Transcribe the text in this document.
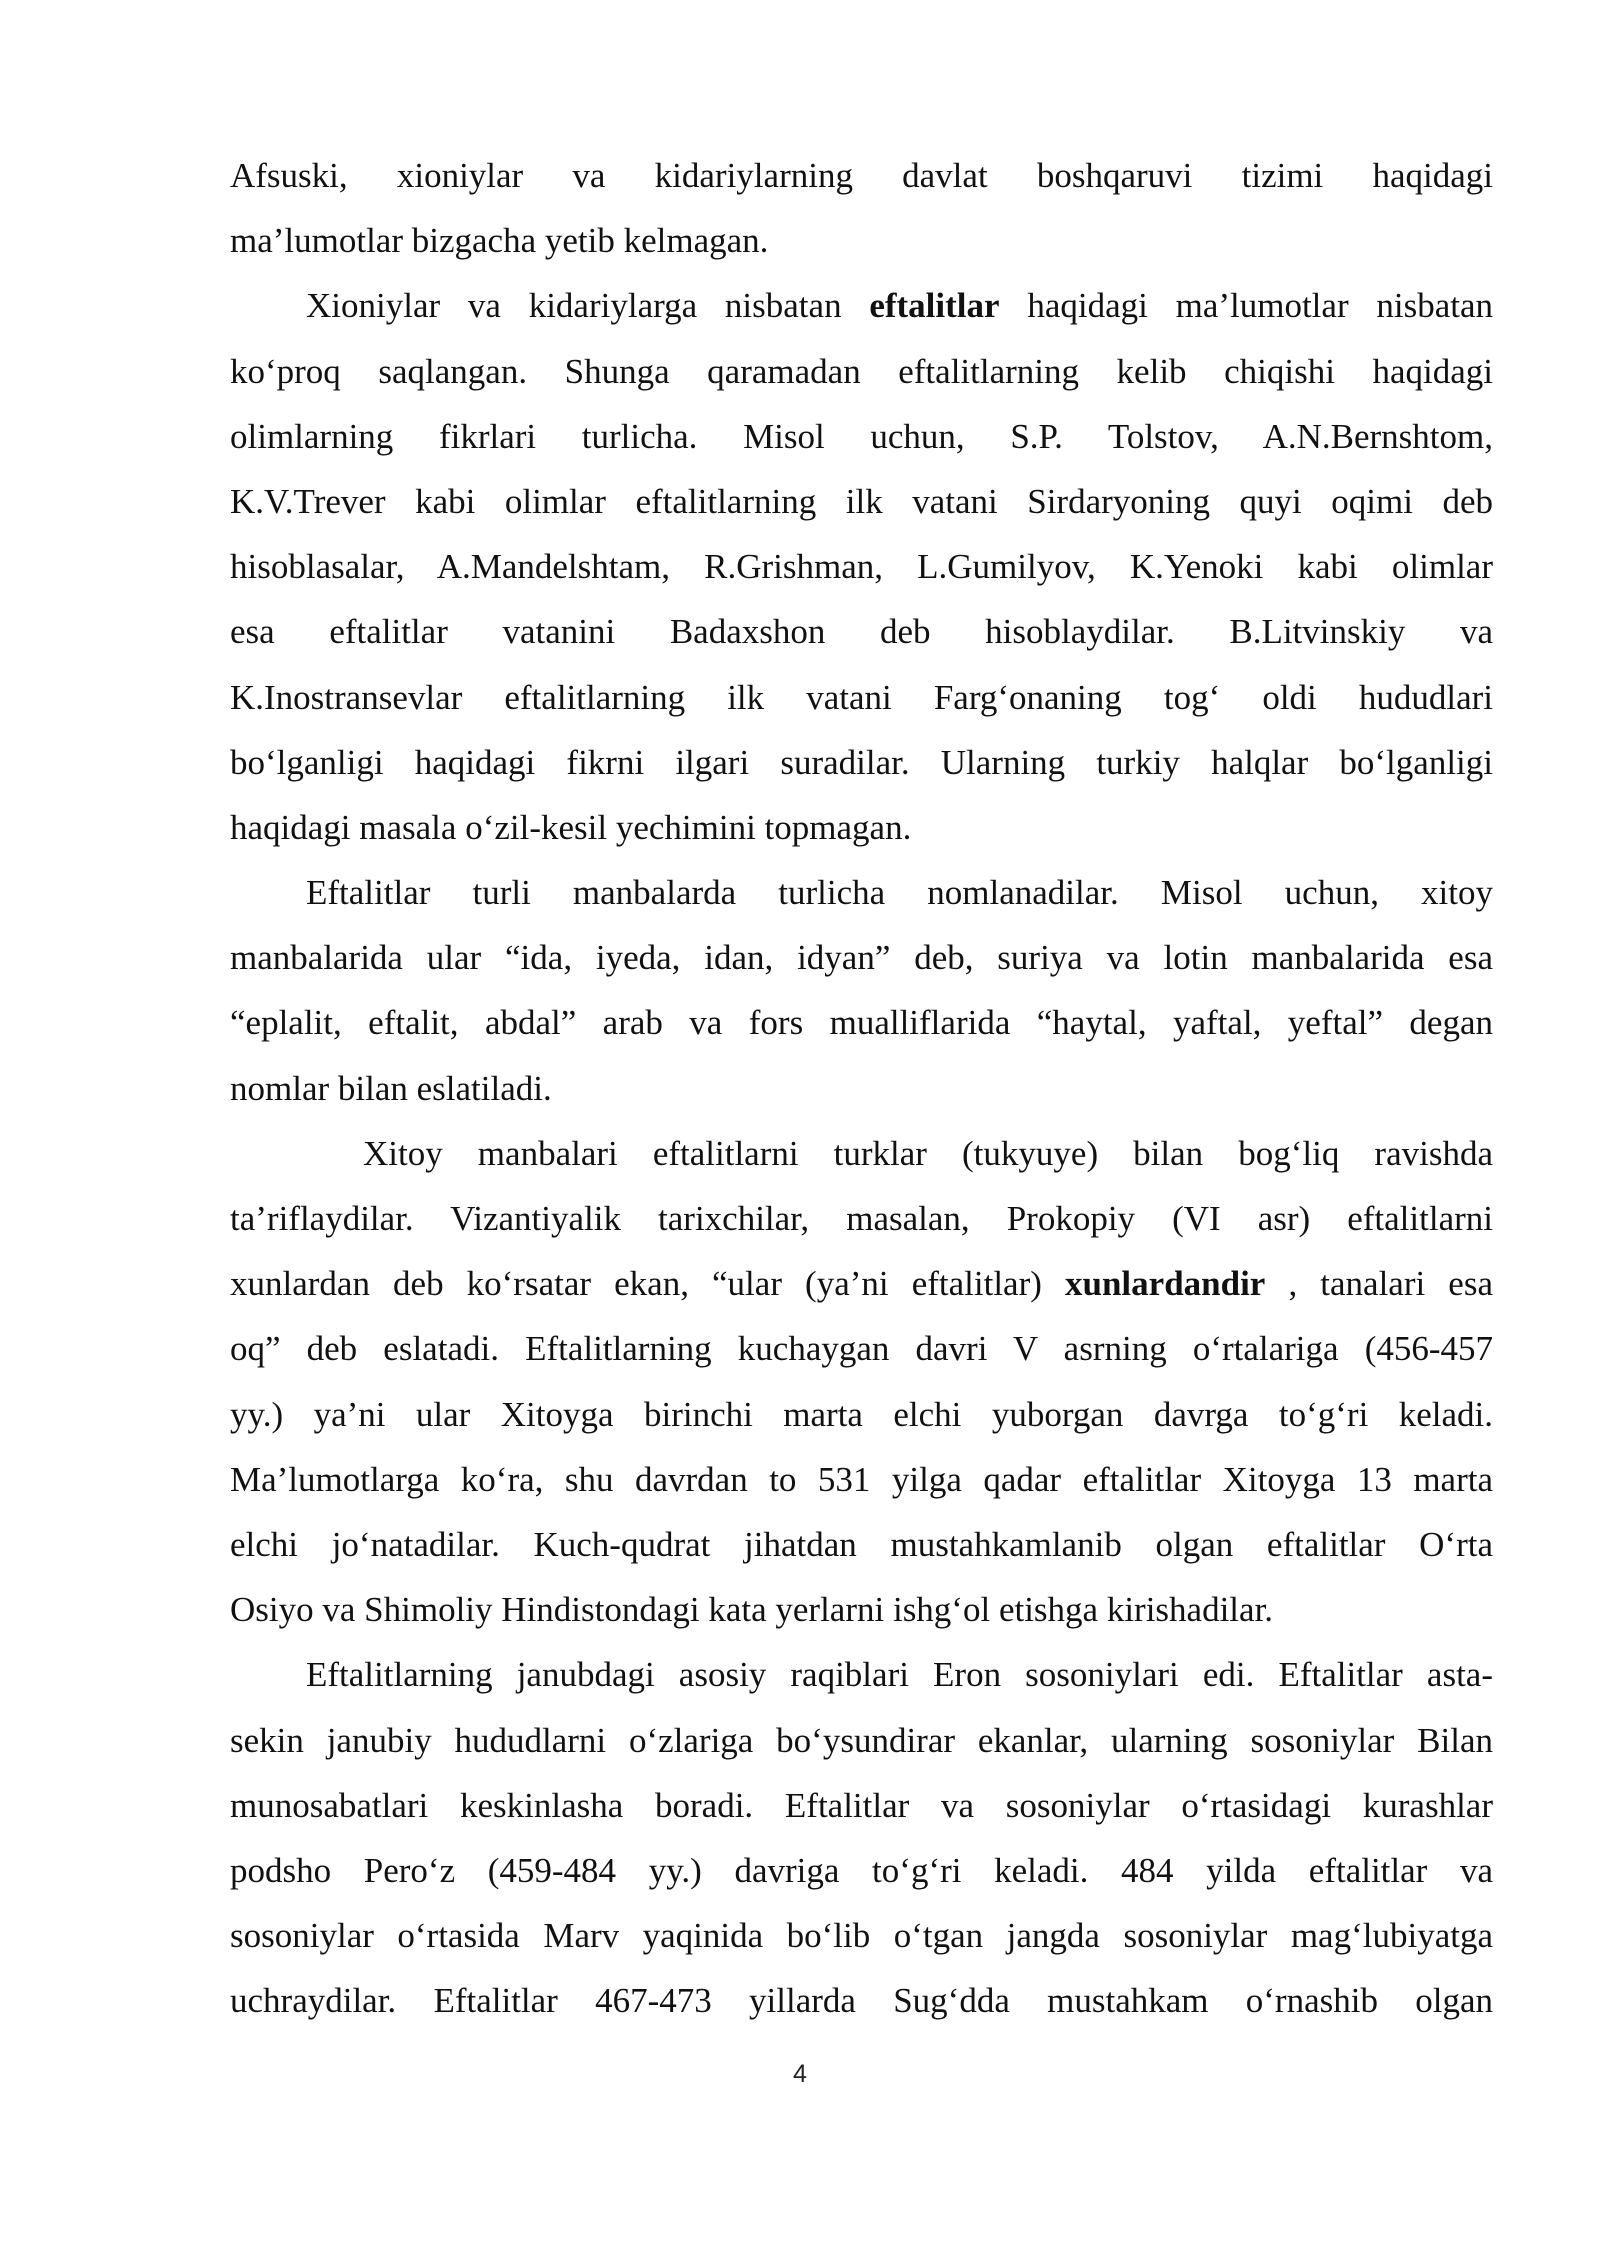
Afsuski, xioniylar va kidariylarning davlat boshqaruvi tizimi haqidagi
ma’lumotlar bizgacha yetib kelmagan.
Xioniylar va kidariylarga nisbatan eftalitlar haqidagi ma’lumotlar nisbatan
ko‘proq saqlangan. Shunga qaramadan eftalitlarning kelib chiqishi haqidagi
olimlarning fikrlari turlicha. Misol uchun, S.P. Tolstov, A.N.Bernshtom,
K.V.Trever kabi olimlar eftalitlarning ilk vatani Sirdaryoning quyi oqimi deb
hisoblasalar, A.Mandelshtam, R.Grishman, L.Gumilyov, K.Yenoki kabi olimlar
esa eftalitlar vatanini Badaxshon deb hisoblaydilar. B.Litvinskiy va
K.Inostransevlar eftalitlarning ilk vatani Farg‘onaning tog‘ oldi hududlari
bo‘lganligi haqidagi fikrni ilgari suradilar. Ularning turkiy halqlar bo‘lganligi
haqidagi masala o‘zil-kesil yechimini topmagan.
Eftalitlar turli manbalarda turlicha nomlanadilar. Misol uchun, xitoy
manbalarida ular “ida, iyeda, idan, idyan” deb, suriya va lotin manbalarida esa
“eplalit, eftalit, abdal” arab va fors mualliflarida “haytal, yaftal, yeftal” degan
nomlar bilan eslatiladi.
Xitoy manbalari eftalitlarni turklar (tukyuye) bilan bog‘liq ravishda
ta’riflaydilar. Vizantiyalik tarixchilar, masalan, Prokopiy (VI asr) eftalitlarni
xunlardan deb ko‘rsatar ekan, “ular (ya’ni eftalitlar) xunlardandir , tanalari esa
oq” deb eslatadi. Eftalitlarning kuchaygan davri V asrning o‘rtalariga (456-457
yy.) ya’ni ular Xitoyga birinchi marta elchi yuborgan davrga to‘g‘ri keladi.
Ma’lumotlarga ko‘ra, shu davrdan to 531 yilga qadar eftalitlar Xitoyga 13 marta
elchi jo‘natadilar. Kuch-qudrat jihatdan mustahkamlanib olgan eftalitlar O‘rta
Osiyo va Shimoliy Hindistondagi kata yerlarni ishg‘ol etishga kirishadilar.
Eftalitlarning janubdagi asosiy raqiblari Eron sosoniylari edi. Eftalitlar asta-
sekin janubiy hududlarni o‘zlariga bo‘ysundirar ekanlar, ularning sosoniylar Bilan
munosabatlari keskinlasha boradi. Eftalitlar va sosoniylar o‘rtasidagi kurashlar
podsho Pero‘z (459-484 yy.) davriga to‘g‘ri keladi. 484 yilda eftalitlar va
sosoniylar o‘rtasida Marv yaqinida bo‘lib o‘tgan jangda sosoniylar mag‘lubiyatga
uchraydilar. Eftalitlar 467-473 yillarda Sug‘dda mustahkam o‘rnashib olgan
4
